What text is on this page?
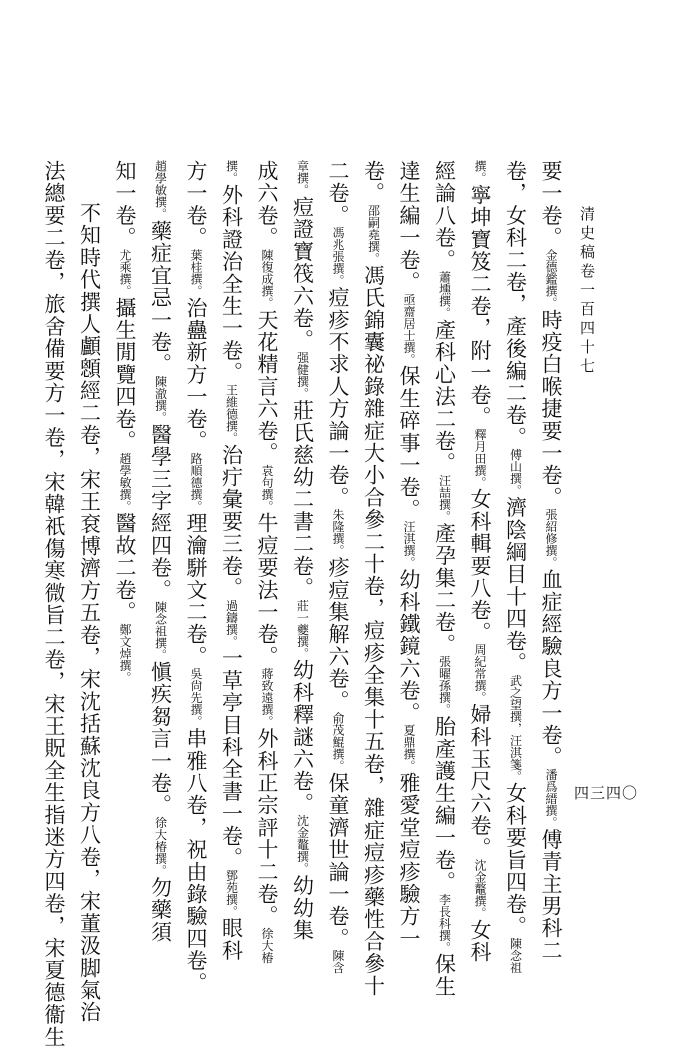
清史稿卷一百四十七
四三四〇
要一卷。金德鑑撰。時疫白喉捷要一卷。張紹修撰。血症經驗良方一卷。潘爲縉撰。傅青主男科二
卷，女科二卷，產後編二卷。傅山撰。濟陰綱目十四卷。武之望撰，汪淇箋。女科要旨四卷。陳念祖
撰。寧坤寶笈二卷，附一卷。釋月田撰。女科輯要八卷。周紀常撰。婦科玉尺六卷。沈金鼇撰。女科
經論八卷。蕭壎撰。產科心法二卷。汪喆撰。產孕集二卷。張曜孫撰。胎產護生編一卷。李長科撰。保生
達生編一卷。亟齋居士撰。保生碎事一卷。汪淇撰。幼科鐵鏡六卷。夏鼎撰。雅愛堂痘疹驗方一
卷。邵嗣堯撰。馮氏錦囊祕錄雜症大小合參二十卷，痘疹全集十五卷，雜症痘疹藥性合參十
二卷。馮兆張撰。痘疹不求人方論一卷。朱隆撰。疹痘集解六卷。俞茂鯤撰。保童濟世論一卷。陳含
章撰。痘證寶筏六卷。强健撰。莊氏慈幼二書二卷。莊一夔撰。幼科釋謎六卷。沈金鼇撰。幼幼集
成六卷。陳復成撰。天花精言六卷。袁句撰。牛痘要法一卷。蔣致遠撰。外科正宗評十二卷。徐大椿
撰。外科證治全生一卷。王維德撰。治疔彙要三卷。過鑄撰。一草亭目科全書一卷。鄧苑撰。眼科
方一卷。葉桂撰。治蠱新方一卷。路順德撰。理瀹駢文二卷。吳尙先撰。串雅八卷，祝由錄驗四卷。
趙學敏撰。藥症宜忌一卷。陳澈撰。醫學三字經四卷。陳念祖撰。愼疾芻言一卷。徐大椿撰。勿藥須
知一卷。尤乘撰。攝生閒覽四卷。趙學敏撰。醫故二卷。鄭文焯撰。
不知時代撰人顱顖經二卷，宋王袞博濟方五卷，宋沈括蘇沈良方八卷，宋董汲脚氣治
法總要二卷，旅舍備要方一卷，宋韓祇傷寒微旨二卷，宋王貺全生指迷方四卷，宋夏德衞生
